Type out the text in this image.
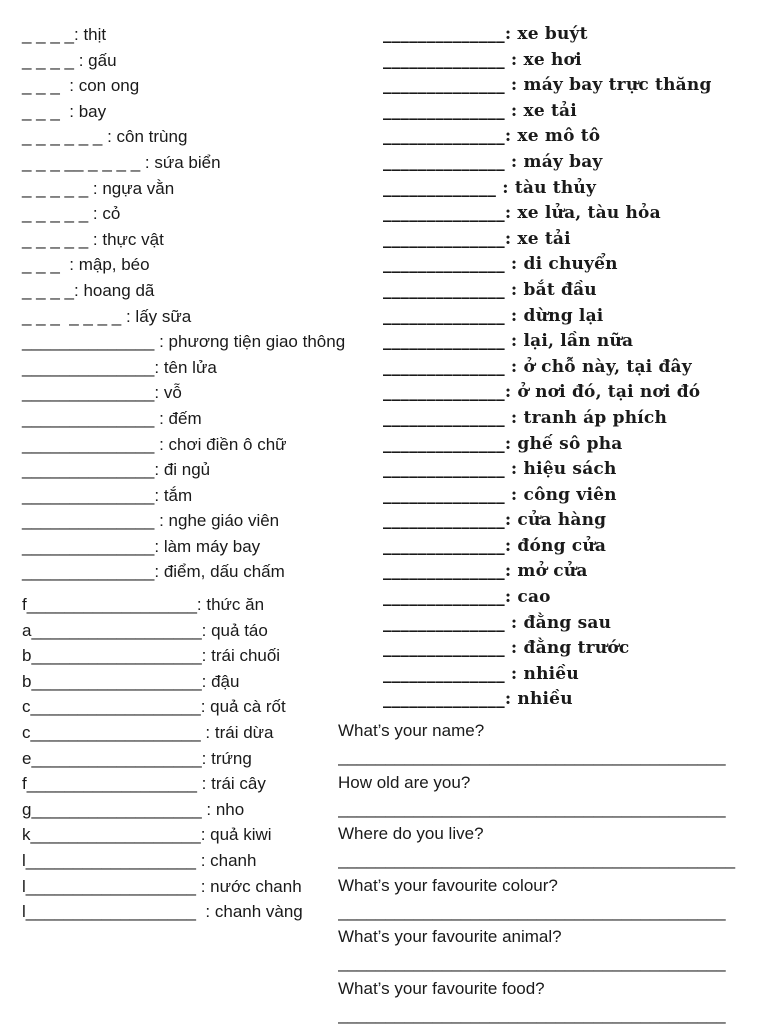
_ _ _ _: thịt
_ _ _ _ : gấu
_ _ _  : con ong
_ _ _  : bay
_ _ _ _ _ _ : côn trùng
_ _ _ __ _ _ _ _ : sứa biển
_ _ _ _ _ : ngựa vằn
_ _ _ _ _ : cỏ
_ _ _ _ _ : thực vật
_ _ _  : mập, béo
_ _ _ _: hoang dã
_ _ _  _ _ _ _ : lấy sữa
______________ : phương tiện giao thông
______________: tên lửa
______________: vỗ
______________ : đếm
______________ : chơi điền ô chữ
______________: đi ngủ
______________: tắm
______________ : nghe giáo viên
______________: làm máy bay
______________: điểm, dấu chấm
f__________________: thức ăn
a__________________: quả táo
b__________________: trái chuối
b__________________: đậu
c__________________: quả cà rốt
c__________________ : trái dừa
e__________________: trứng
f__________________ : trái cây
g__________________ : nho
k__________________: quả kiwi
l__________________ : chanh
l__________________ : nước chanh
l__________________  : chanh vàng
______________: xe buýt
______________ : xe hơi
______________ : máy bay trực thăng
______________ : xe tải
______________: xe mô tô
______________ : máy bay
_____________ : tàu thủy
______________: xe lửa, tàu hỏa
______________: xe tải
______________ : di chuyển
______________ : bắt đầu
______________ : dừng lại
______________ : lại, lần nữa
______________ : ở chỗ này, tại đây
______________: ở nơi đó, tại nơi đó
______________ : tranh áp phích
______________: ghế sô pha
______________ : hiệu sách
______________ : công viên
______________: cửa hàng
______________: đóng cửa
______________: mở cửa
______________: cao
______________ : đằng sau
______________ : đằng trước
______________ : nhiều
______________: nhiều
What’s your name?
_________________________________________
How old are you?
_________________________________________
Where do you live?
__________________________________________
What’s your favourite colour?
_________________________________________
What’s your favourite animal?
_________________________________________
What’s your favourite food?
_________________________________________
